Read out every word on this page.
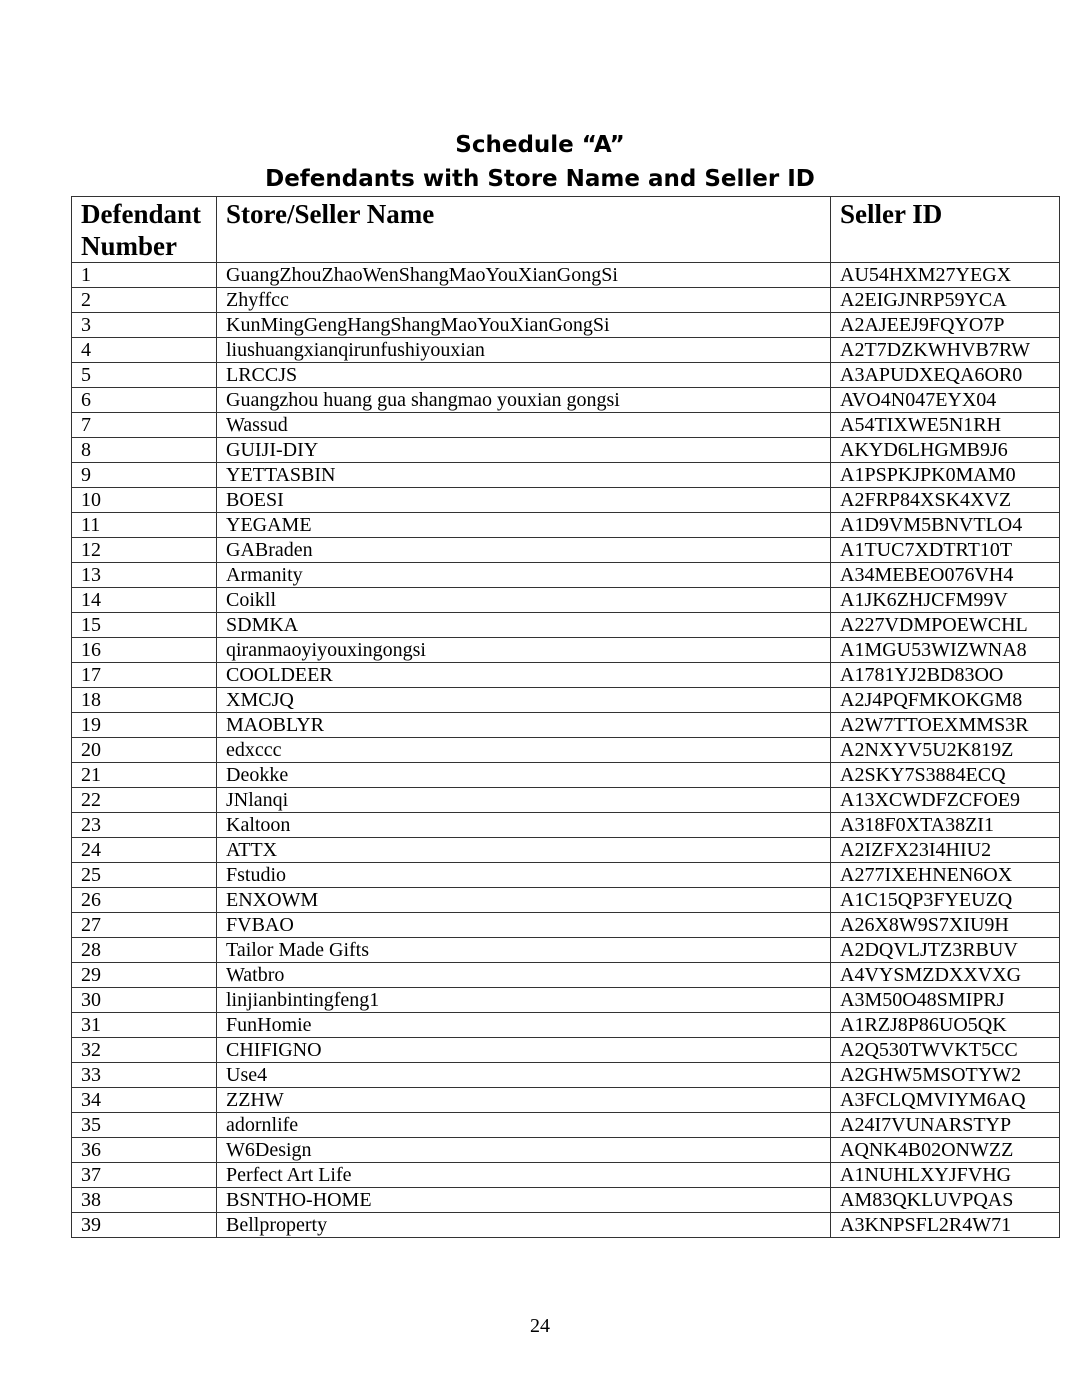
Schedule “A”
Defendants with Store Name and Seller ID
Defendant Number	Store/Seller Name	Seller ID
1	GuangZhouZhaoWenShangMaoYouXianGongSi	AU54HXM27YEGX
2	Zhyffcc	A2EIGJNRP59YCA
3	KunMingGengHangShangMaoYouXianGongSi	A2AJEEJ9FQYO7P
4	liushuangxianqirunfushiyouxian	A2T7DZKWHVB7RW
5	LRCCJS	A3APUDXEQA6OR0
6	Guangzhou huang gua shangmao youxian gongsi	AVO4N047EYX04
7	Wassud	A54TIXWE5N1RH
8	GUIJI-DIY	AKYD6LHGMB9J6
9	YETTASBIN	A1PSPKJPK0MAM0
10	BOESI	A2FRP84XSK4XVZ
11	YEGAME	A1D9VM5BNVTLO4
12	GABraden	A1TUC7XDTRT10T
13	Armanity	A34MEBEO076VH4
14	Coikll	A1JK6ZHJCFM99V
15	SDMKA	A227VDMPOEWCHL
16	qiranmaoyiyouxingongsi	A1MGU53WIZWNA8
17	COOLDEER	A1781YJ2BD83OO
18	XMCJQ	A2J4PQFMKOKGM8
19	MAOBLYR	A2W7TTOEXMMS3R
20	edxccc	A2NXYV5U2K819Z
21	Deokke	A2SKY7S3884ECQ
22	JNlanqi	A13XCWDFZCFOE9
23	Kaltoon	A318F0XTA38ZI1
24	ATTX	A2IZFX23I4HIU2
25	Fstudio	A277IXEHNEN6OX
26	ENXOWM	A1C15QP3FYEUZQ
27	FVBAO	A26X8W9S7XIU9H
28	Tailor Made Gifts	A2DQVLJTZ3RBUV
29	Watbro	A4VYSMZDXXVXG
30	linjianbintingfeng1	A3M50O48SMIPRJ
31	FunHomie	A1RZJ8P86UO5QK
32	CHIFIGNO	A2Q530TWVKT5CC
33	Use4	A2GHW5MSOTYW2
34	ZZHW	A3FCLQMVIYM6AQ
35	adornlife	A24I7VUNARSTYP
36	W6Design	AQNK4B02ONWZZ
37	Perfect Art Life	A1NUHLXYJFVHG
38	BSNTHO-HOME	AM83QKLUVPQAS
39	Bellproperty	A3KNPSFL2R4W71
24
